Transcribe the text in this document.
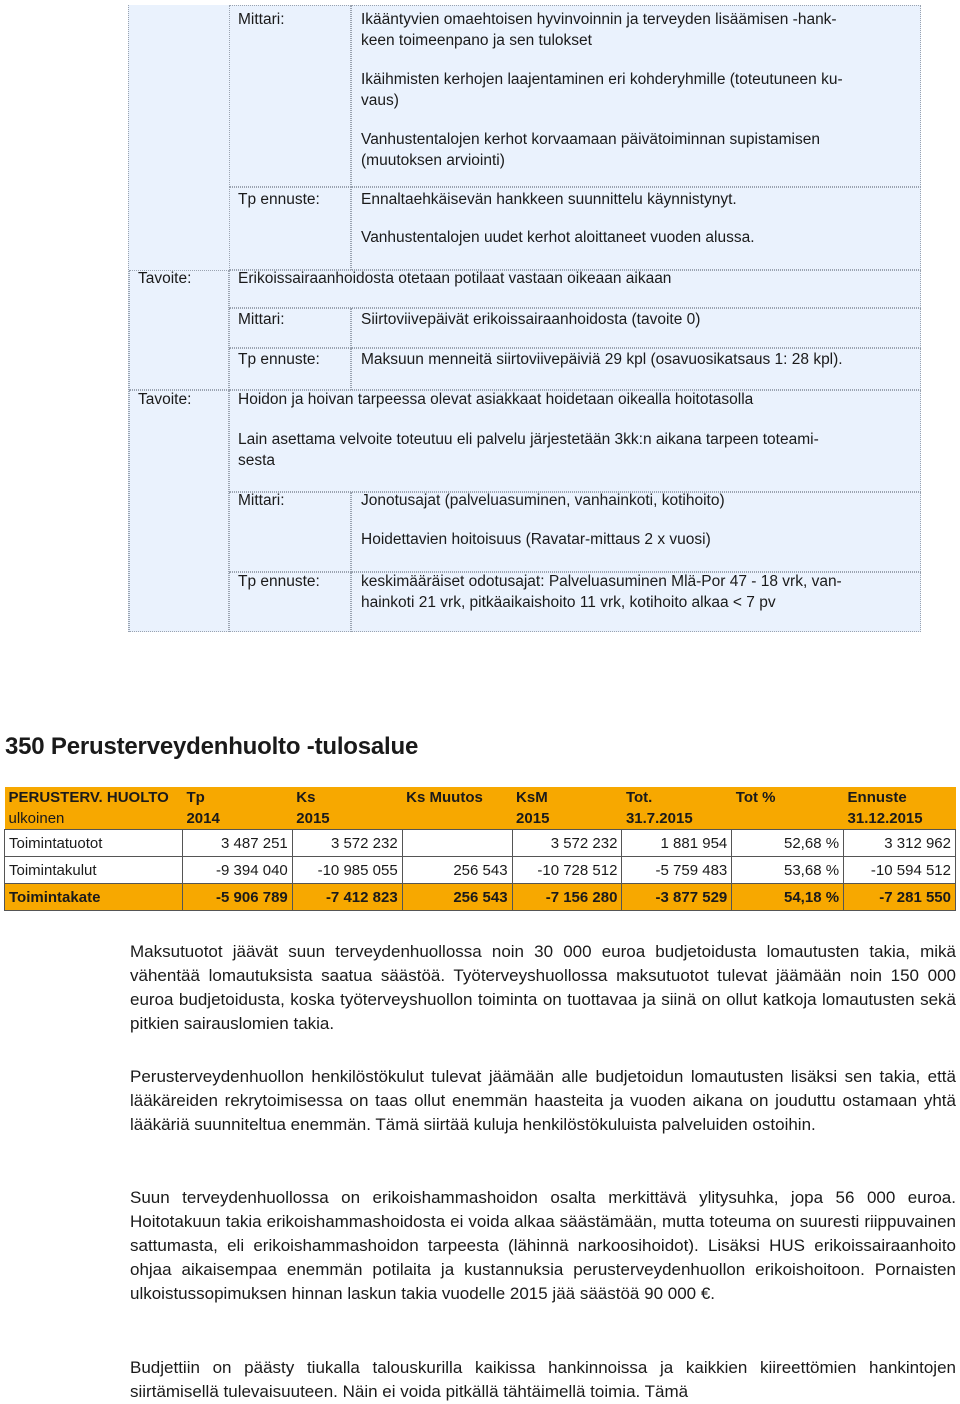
Mittari:	Ikääntyvien omaehtoisen hyvinvoinnin ja terveyden lisäämisen -hank-
keen toimeenpano ja sen tulokset
Ikäihmisten kerhojen laajentaminen eri kohderyhmille (toteutuneen ku-
vaus)
Vanhustentalojen kerhot korvaamaan päivätoiminnan supistamisen
(muutoksen arviointi)
Tp ennuste:	Ennaltaehkäisevän hankkeen suunnittelu käynnistynyt.
Vanhustentalojen uudet kerhot aloittaneet vuoden alussa.
Tavoite:	Erikoissairaanhoidosta otetaan potilaat vastaan oikeaan aikaan
Mittari:	Siirtoviivepäivät erikoissairaanhoidosta (tavoite 0)
Tp ennuste:	Maksuun menneitä siirtoviivepäiviä 29 kpl (osavuosikatsaus 1: 28 kpl).
Tavoite:	Hoidon ja hoivan tarpeessa olevat asiakkaat hoidetaan oikealla hoitotasolla
Lain asettama velvoite toteutuu eli palvelu järjestetään 3kk:n aikana tarpeen toteami-
sesta
Mittari:	Jonotusajat (palveluasuminen, vanhainkoti, kotihoito)
Hoidettavien hoitoisuus (Ravatar-mittaus 2 x vuosi)
Tp ennuste:	keskimääräiset odotusajat: Palveluasuminen Mlä-Por 47 - 18 vrk, van-
hainkoti 21 vrk, pitkäaikaishoito 11 vrk, kotihoito alkaa < 7 pv
350 Perusterveydenhuolto -tulosalue
PERUSTERV. HUOLTO	Tp	Ks	Ks Muutos	KsM	Tot.	Tot %	Ennuste
ulkoinen	2014	2015		2015	31.7.2015		31.12.2015
Toimintatuotot	3 487 251	3 572 232		3 572 232	1 881 954	52,68 %	3 312 962
Toimintakulut	-9 394 040	-10 985 055	256 543	-10 728 512	-5 759 483	53,68 %	-10 594 512
Toimintakate	-5 906 789	-7 412 823	256 543	-7 156 280	-3 877 529	54,18 %	-7 281 550

Maksutuotot jäävät suun terveydenhuollossa noin 30 000 euroa budjetoidusta lomautusten takia, mikä vähentää lomautuksista saatua säästöä. Työterveyshuollossa maksutuotot tulevat jäämään noin 150 000 euroa budjetoidusta, koska työterveyshuollon toiminta on tuottavaa ja siinä on ollut katkoja lomautusten sekä pitkien sairauslomien takia.

Perusterveydenhuollon henkilöstökulut tulevat jäämään alle budjetoidun lomautusten lisäksi sen takia, että lääkäreiden rekrytoimisessa on taas ollut enemmän haasteita ja vuoden aikana on jouduttu ostamaan yhtä lääkäriä suunniteltua enemmän. Tämä siirtää kuluja henkilöstökuluista palveluiden ostoihin.

Suun terveydenhuollossa on erikoishammashoidon osalta merkittävä ylitysuhka, jopa 56 000 euroa. Hoitotakuun takia erikoishammashoidosta ei voida alkaa säästämään, mutta toteuma on suuresti riippuvainen sattumasta, eli erikoishammashoidon tarpeesta (lähinnä narkoosihoidot). Lisäksi HUS erikoissairaanhoito ohjaa aikaisempaa enemmän potilaita ja kustannuksia perusterveydenhuollon erikoishoitoon. Pornaisten ulkoistussopimuksen hinnan laskun takia vuodelle 2015 jää säästöä 90 000 €.

Budjettiin on päästy tiukalla talouskurilla kaikissa hankinnoissa ja kaikkien kiireettömien hankintojen siirtämisellä tulevaisuuteen. Näin ei voida pitkällä tähtäimellä toimia. Tämä
